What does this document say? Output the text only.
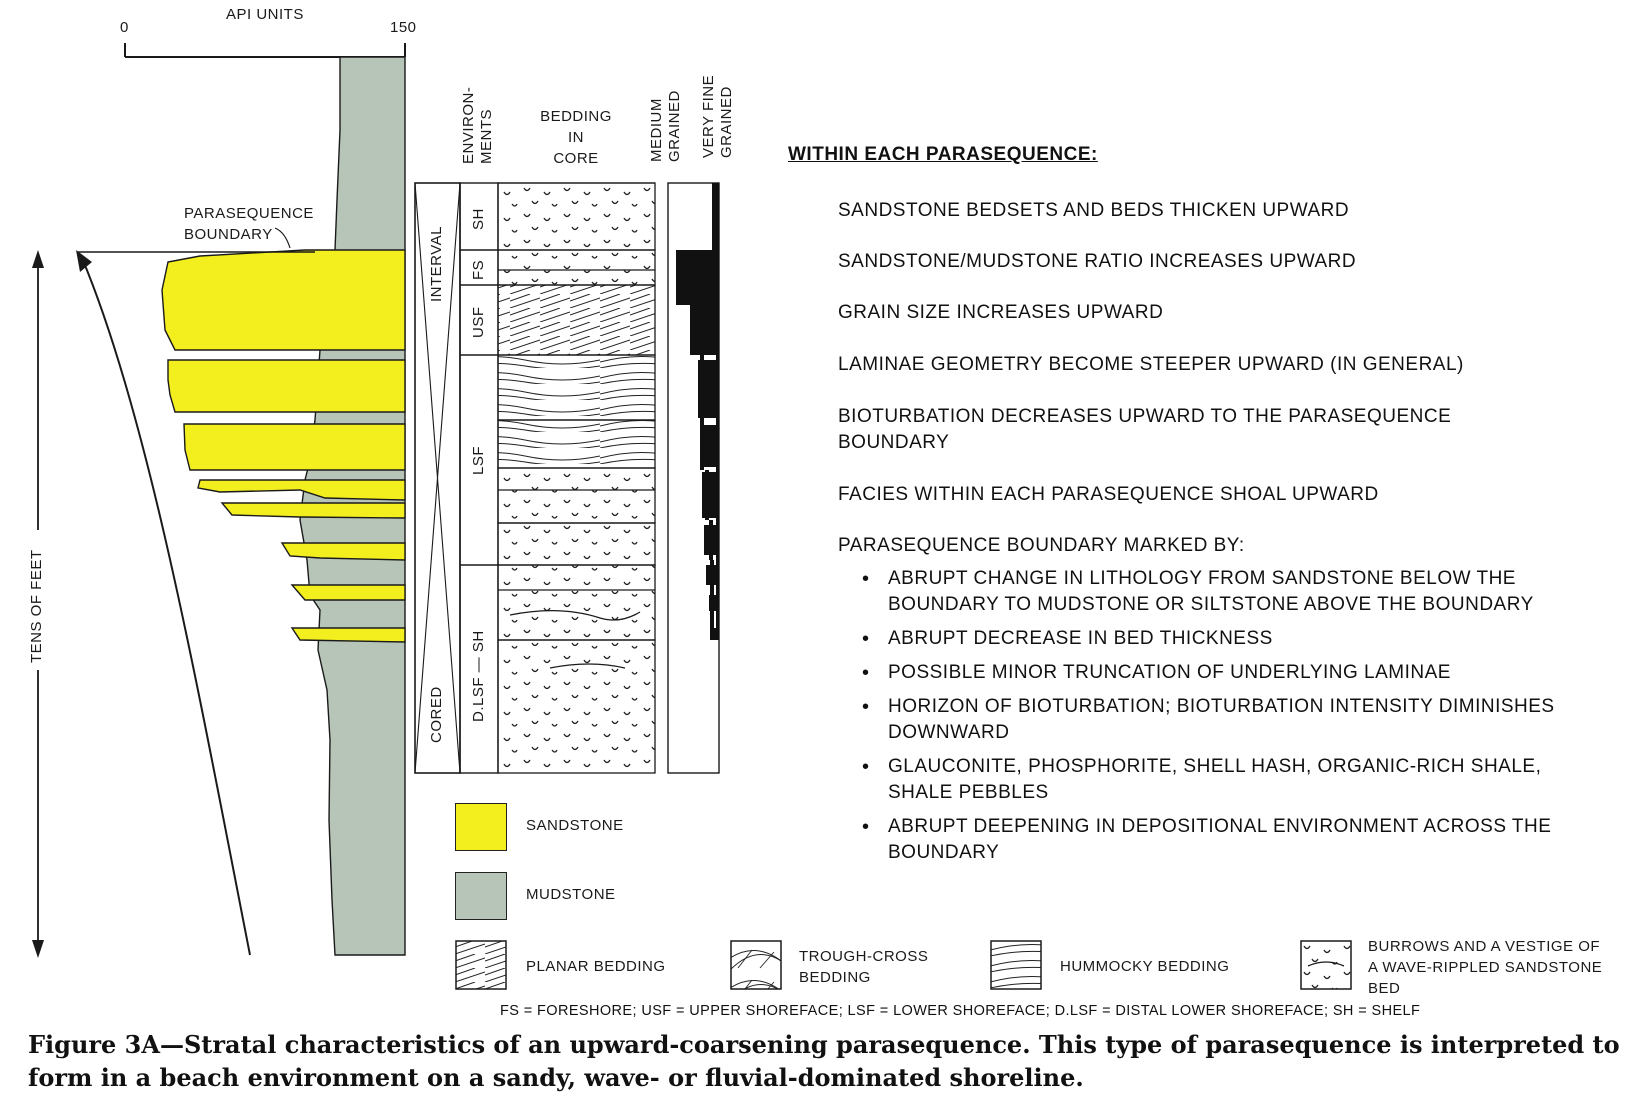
API UNITS
0	150
PARASEQUENCE
BOUNDARY
TENS OF FEET
ENVIRON- MENTS	BEDDING
IN
CORE	MEDIUM GRAINED VERY FINE GRAINED
INTERVAL
CORED
SH
FS
USF
LSF
D.LSF — SH
WITHIN EACH PARASEQUENCE:
SANDSTONE BEDSETS AND BEDS THICKEN UPWARD
SANDSTONE/MUDSTONE RATIO INCREASES UPWARD
GRAIN SIZE INCREASES UPWARD
LAMINAE GEOMETRY BECOME STEEPER UPWARD (IN GENERAL)
BIOTURBATION DECREASES UPWARD TO THE PARASEQUENCE BOUNDARY
FACIES WITHIN EACH PARASEQUENCE SHOAL UPWARD
PARASEQUENCE BOUNDARY MARKED BY:
• ABRUPT CHANGE IN LITHOLOGY FROM SANDSTONE BELOW THE BOUNDARY TO MUDSTONE OR SILTSTONE ABOVE THE BOUNDARY
• ABRUPT DECREASE IN BED THICKNESS
• POSSIBLE MINOR TRUNCATION OF UNDERLYING LAMINAE
• HORIZON OF BIOTURBATION; BIOTURBATION INTENSITY DIMINISHES DOWNWARD
• GLAUCONITE, PHOSPHORITE, SHELL HASH, ORGANIC-RICH SHALE, SHALE PEBBLES
• ABRUPT DEEPENING IN DEPOSITIONAL ENVIRONMENT ACROSS THE BOUNDARY
SANDSTONE
MUDSTONE
PLANAR BEDDING
TROUGH-CROSS
BEDDING
HUMMOCKY BEDDING
BURROWS AND A VESTIGE OF
A WAVE-RIPPLED SANDSTONE
BED
FS = FORESHORE; USF = UPPER SHOREFACE; LSF = LOWER SHOREFACE; D.LSF = DISTAL LOWER SHOREFACE; SH = SHELF
Figure 3A—Stratal characteristics of an upward-coarsening parasequence. This type of parasequence is interpreted to form in a beach environment on a sandy, wave- or fluvial-dominated shoreline.
